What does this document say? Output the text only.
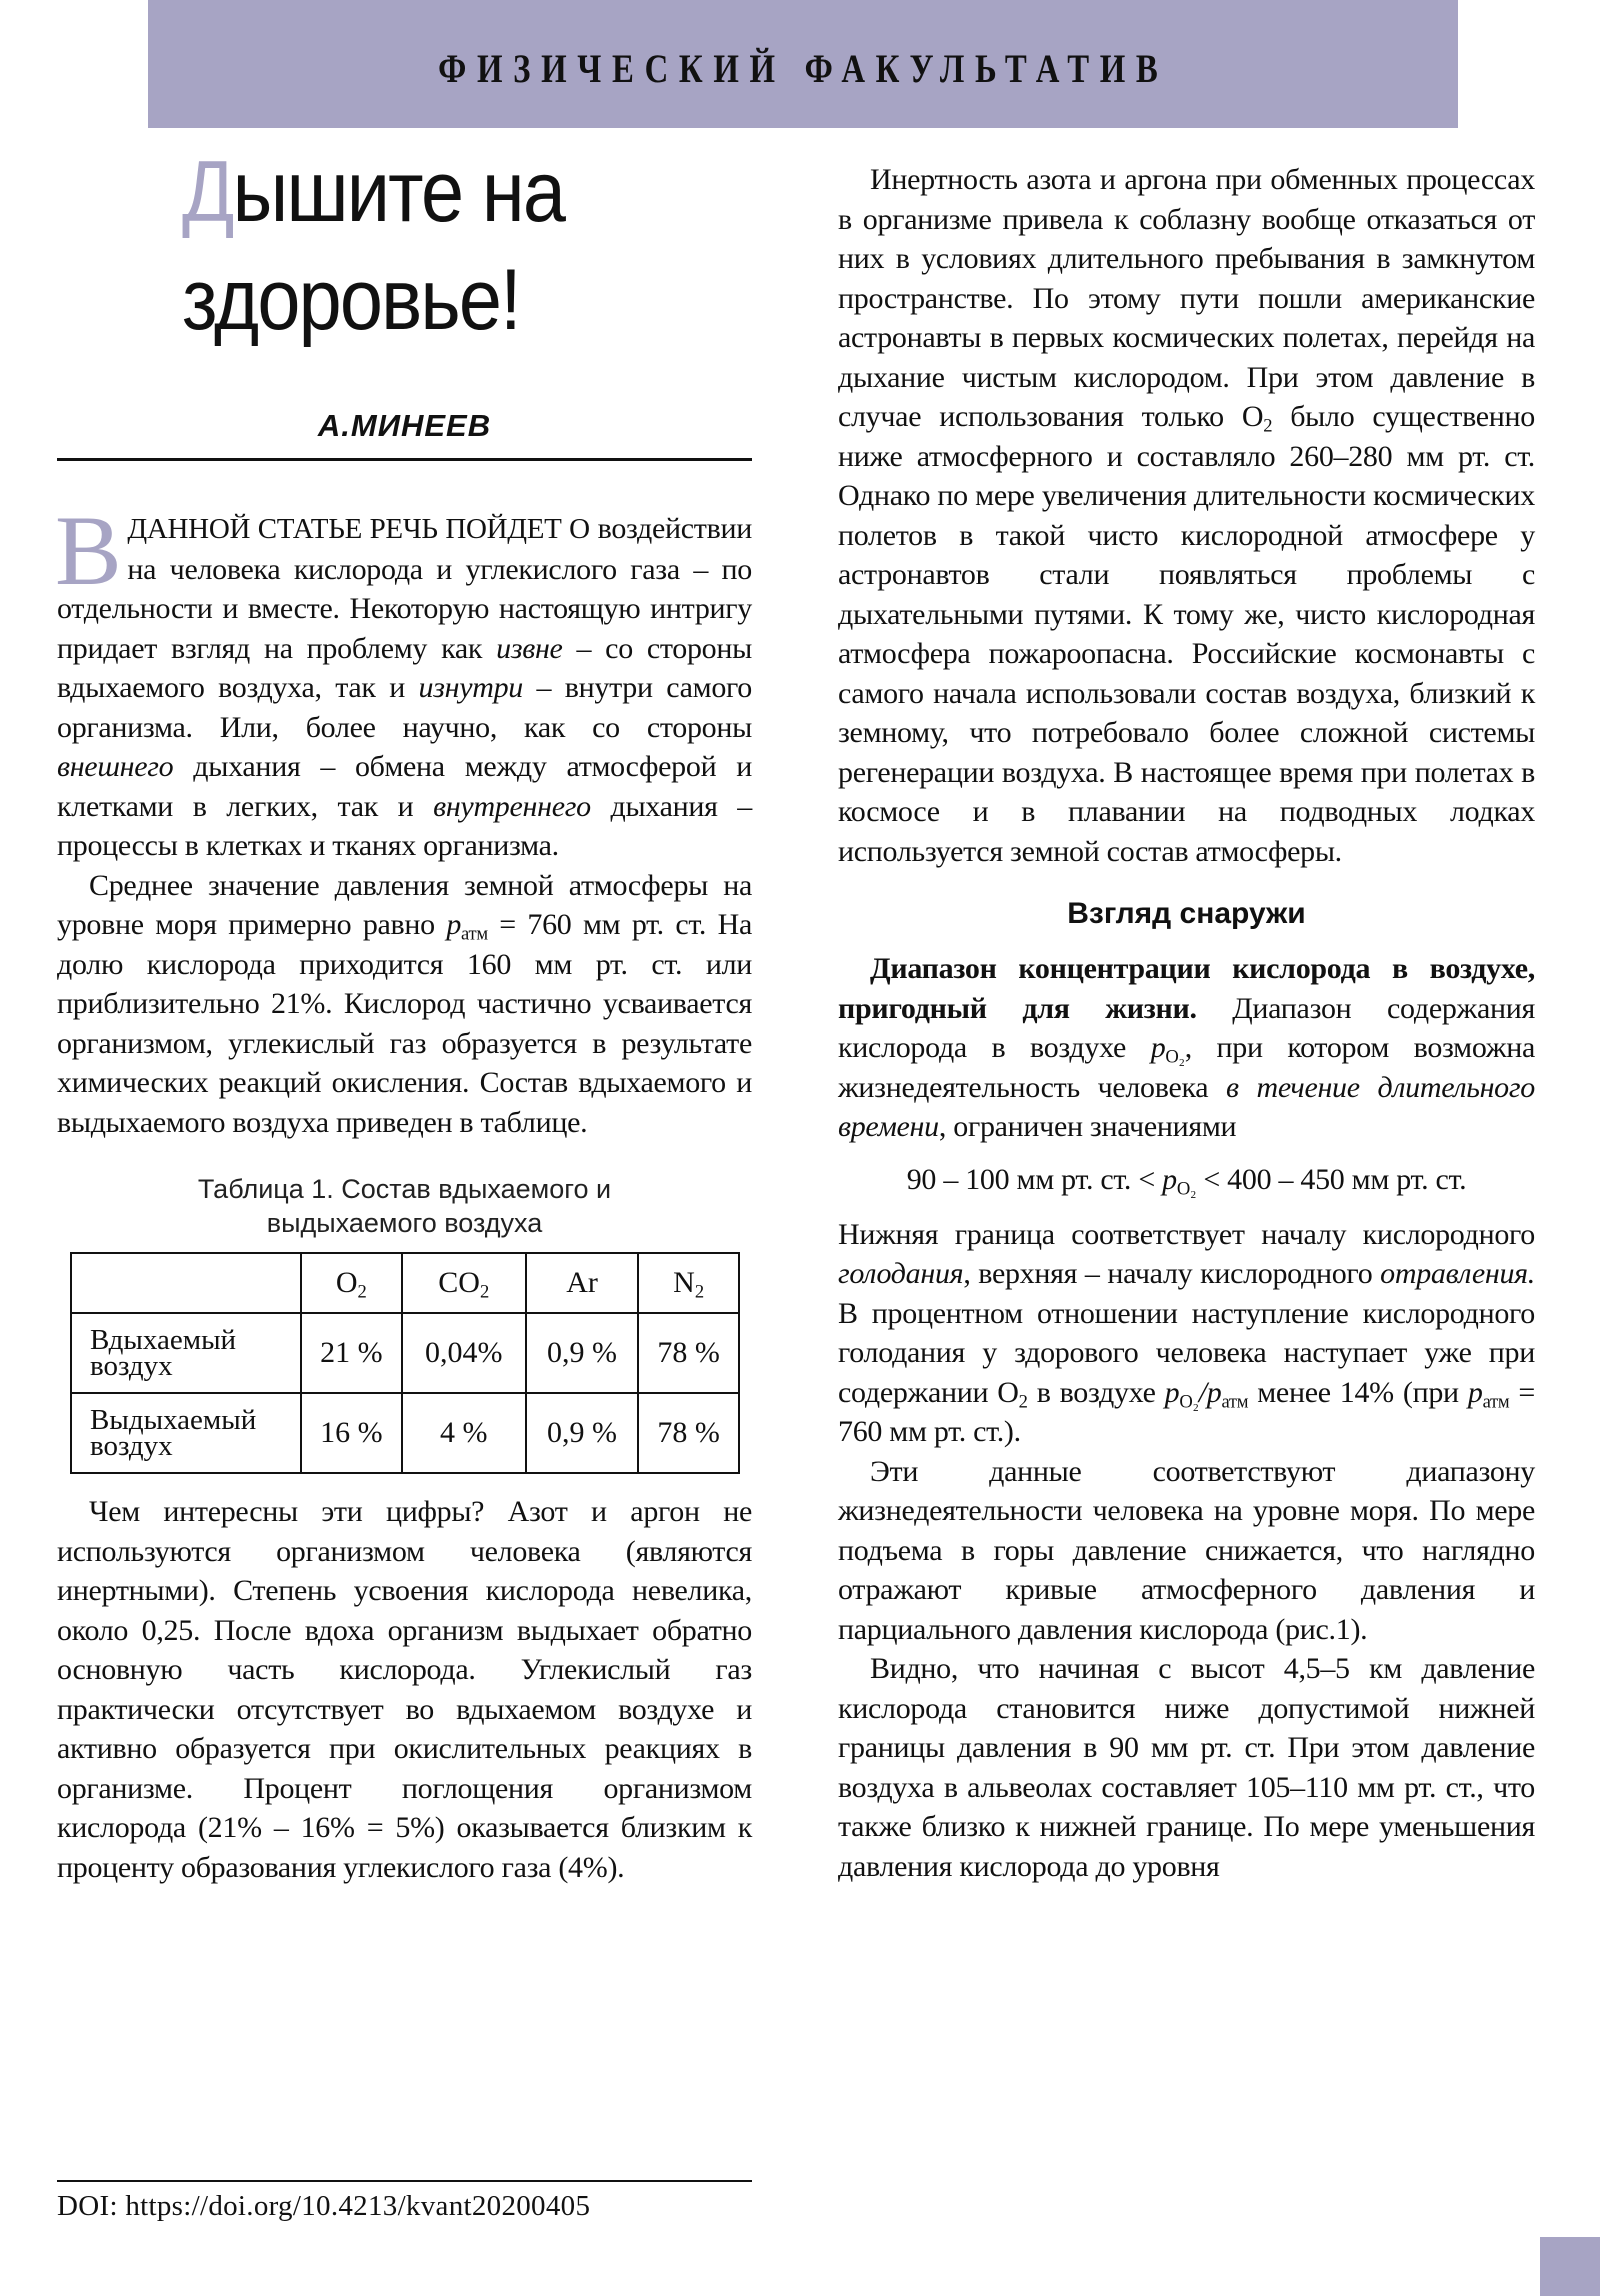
ФИЗИЧЕСКИЙ ФАКУЛЬТАТИВ
Дышите на
здоровье!
А.МИНЕЕВ

В ДАННОЙ СТАТЬЕ РЕЧЬ ПОЙДЕТ О воздействии на человека кислорода и углекислого газа – по отдельности и вместе. Некоторую настоящую интригу придает взгляд на проблему как извне – со стороны вдыхаемого воздуха, так и изнутри – внутри самого организма. Или, более научно, как со стороны внешнего дыхания – обмена между атмосферой и клетками в легких, так и внутреннего дыхания – процессы в клетках и тканях организма.

Среднее значение давления земной атмосферы на уровне моря примерно равно $p_{атм} = 760$ мм рт. ст. На долю кислорода приходится 160 мм рт. ст. или приблизительно 21%. Кислород частично усваивается организмом, углекислый газ образуется в результате химических реакций окисления. Состав вдыхаемого и выдыхаемого воздуха приведен в таблице.

Таблица 1. Состав вдыхаемого и
выдыхаемого воздуха
	$O_2$	$CO_2$	Ar	$N_2$
Вдыхаемый
воздух	21 %	0,04%	0,9 %	78 %
Выдыхаемый
воздух	16 %	4 %	0,9 %	78 %

Чем интересны эти цифры? Азот и аргон не используются организмом человека (являются инертными). Степень усвоения кислорода невелика, около 0,25. После вдоха организм выдыхает обратно основную часть кислорода. Углекислый газ практически отсутствует во вдыхаемом воздухе и активно образуется при окислительных реакциях в организме. Процент поглощения организмом кислорода (21% – 16% = 5%) оказывается близким к проценту образования углекислого газа (4%).

DOI: https://doi.org/10.4213/kvant20200405

Инертность азота и аргона при обменных процессах в организме привела к соблазну вообще отказаться от них в условиях длительного пребывания в замкнутом пространстве. По этому пути пошли американские астронавты в первых космических полетах, перейдя на дыхание чистым кислородом. При этом давление в случае использования только $O_2$ было существенно ниже атмосферного и составляло 260–280 мм рт. ст. Однако по мере увеличения длительности космических полетов в такой чисто кислородной атмосфере у астронавтов стали появляться проблемы с дыхательными путями. К тому же, чисто кислородная атмосфера пожароопасна. Российские космонавты с самого начала использовали состав воздуха, близкий к земному, что потребовало более сложной системы регенерации воздуха. В настоящее время при полетах в космосе и в плавании на подводных лодках используется земной состав атмосферы.

Взгляд снаружи

Диапазон концентрации кислорода в воздухе, пригодный для жизни. Диапазон содержания кислорода в воздухе $p_{O_2}$, при котором возможна жизнедеятельность человека в течение длительного времени, ограничен значениями

90 – 100 мм рт. ст. < $p_{O_2} < 400 - 450$ мм рт. ст.

Нижняя граница соответствует началу кислородного голодания, верхняя – началу кислородного отравления. В процентном отношении наступление кислородного голодания у здорового человека наступает уже при содержании $O_2$ в воздухе $p_{O_2}/p_{атм}$ менее 14% (при $p_{атм} = 760$ мм рт. ст.).

Эти данные соответствуют диапазону жизнедеятельности человека на уровне моря. По мере подъема в горы давление снижается, что наглядно отражают кривые атмосферного давления и парциального давления кислорода (рис.1).

Видно, что начиная с высот 4,5–5 км давление кислорода становится ниже допустимой нижней границы давления в 90 мм рт. ст. При этом давление воздуха в альвеолах составляет 105–110 мм рт. ст., что также близко к нижней границе. По мере уменьшения давления кислорода до уровня
